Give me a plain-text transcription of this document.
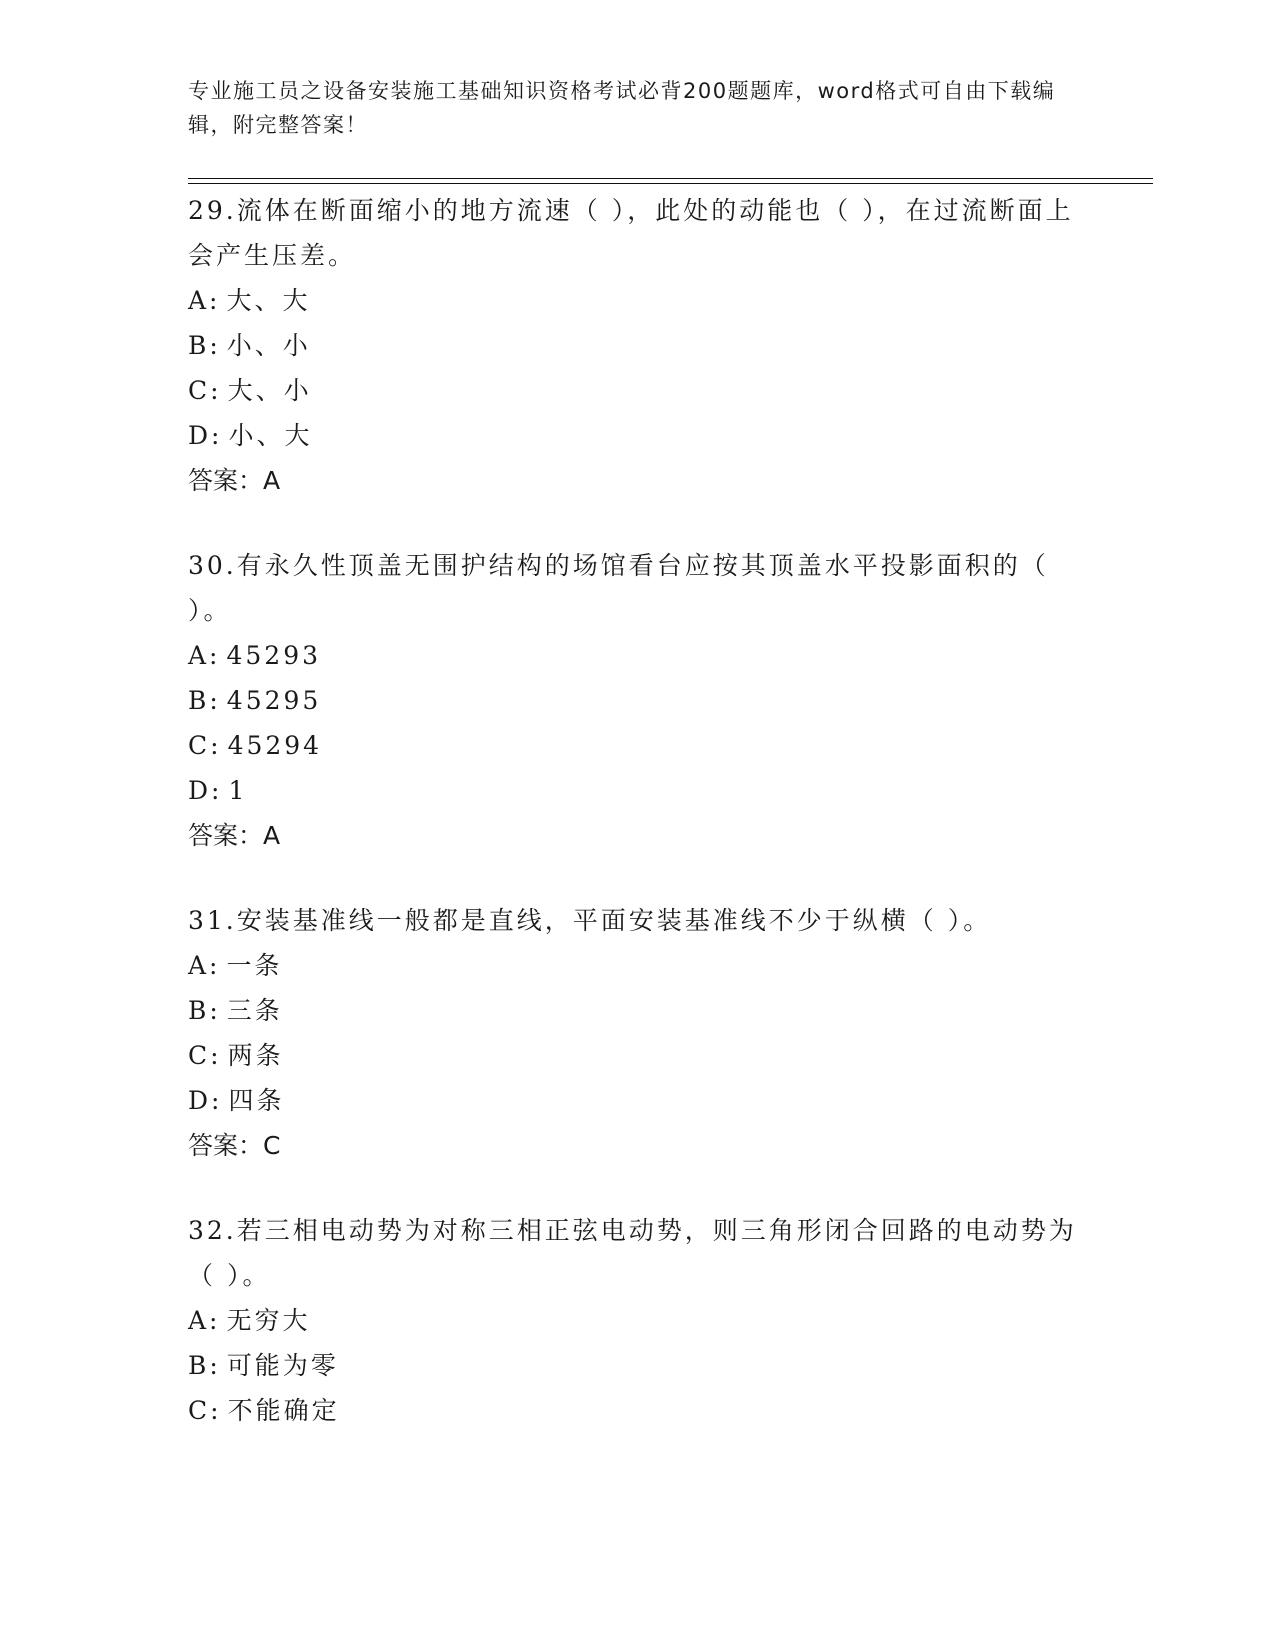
专业施工员之设备安装施工基础知识资格考试必背200题题库，word格式可自由下载编辑，附完整答案！

29.流体在断面缩小的地方流速（ ），此处的动能也（ ），在过流断面上会产生压差。

A: 大、大

B: 小、小

C: 大、小

D: 小、大

答案：A

30.有永久性顶盖无围护结构的场馆看台应按其顶盖水平投影面积的（ ）。

A: 45293

B: 45295

C: 45294

D: 1

答案：A

31.安装基准线一般都是直线，平面安装基准线不少于纵横（ ）。

A: 一条

B: 三条

C: 两条

D: 四条

答案：C

32.若三相电动势为对称三相正弦电动势，则三角形闭合回路的电动势为（ ）。

A: 无穷大

B: 可能为零

C: 不能确定
